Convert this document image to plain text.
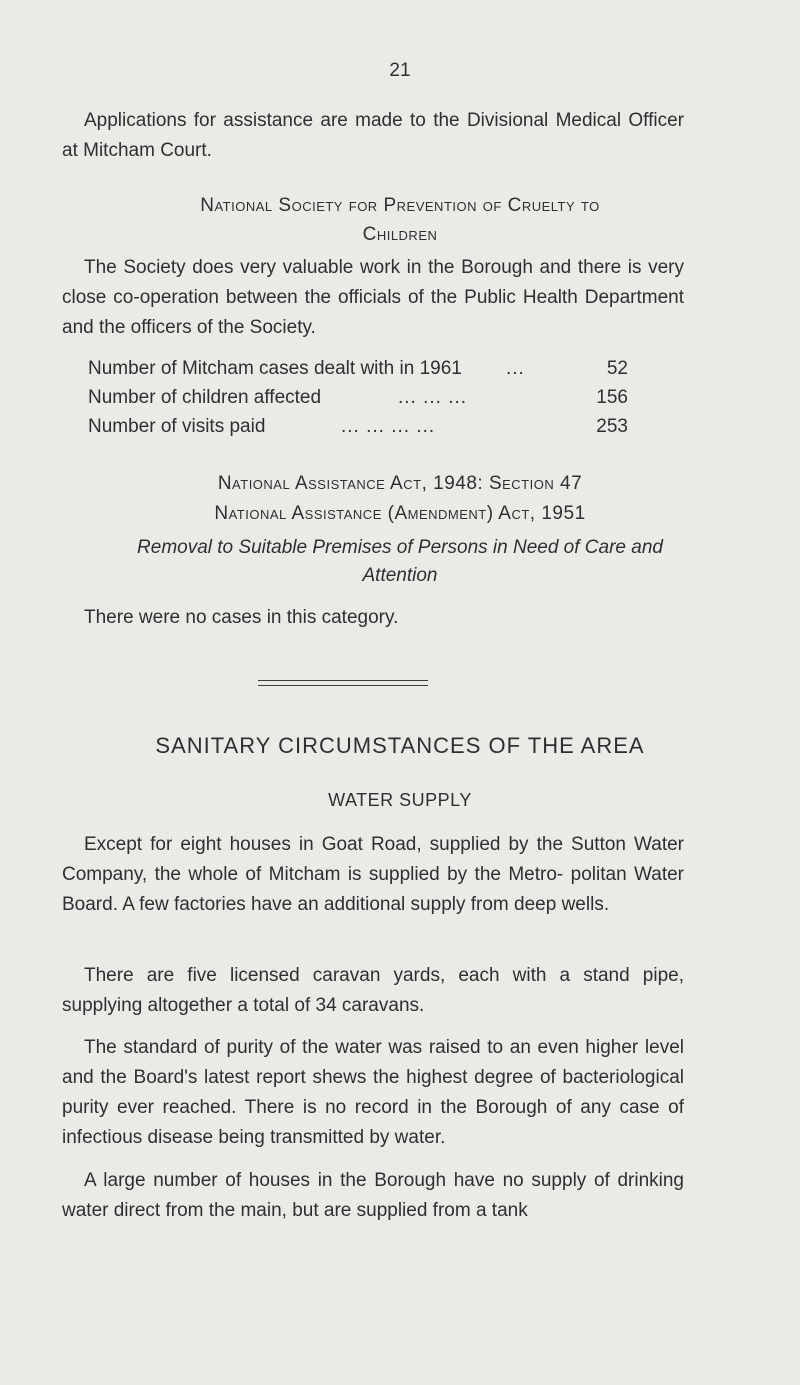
21

Applications for assistance are made to the Divisional Medical Officer at Mitcham Court.

National Society for Prevention of Cruelty to

Children

The Society does very valuable work in the Borough and there is very close co-operation between the officials of the Public Health Department and the officers of the Society.

Number of Mitcham cases dealt with in 1961 ...	52
Number of children affected	... ... ...	156
Number of visits paid	... ... ... ...	253

National Assistance Act, 1948: Section 47

National Assistance (Amendment) Act, 1951

Removal to Suitable Premises of Persons in Need of Care and

Attention

There were no cases in this category.

SANITARY CIRCUMSTANCES OF THE AREA

WATER SUPPLY

Except for eight houses in Goat Road, supplied by the Sutton Water Company, the whole of Mitcham is supplied by the Metro- politan Water Board. A few factories have an additional supply from deep wells.

There are five licensed caravan yards, each with a stand pipe, supplying altogether a total of 34 caravans.

The standard of purity of the water was raised to an even higher level and the Board's latest report shews the highest degree of bacteriological purity ever reached. There is no record in the Borough of any case of infectious disease being transmitted by water.

A large number of houses in the Borough have no supply of drinking water direct from the main, but are supplied from a tank
